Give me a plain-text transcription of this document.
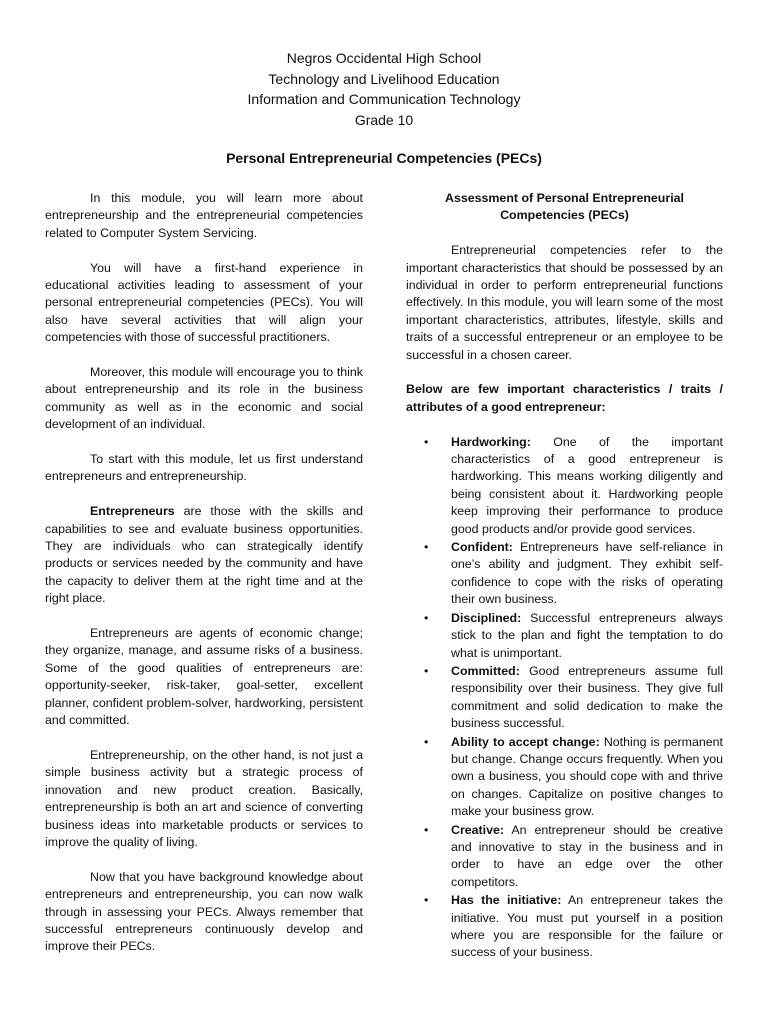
Negros Occidental High School
Technology and Livelihood Education
Information and Communication Technology
Grade 10
Personal Entrepreneurial Competencies (PECs)

In this module, you will learn more about entrepreneurship and the entrepreneurial competencies related to Computer System Servicing.

You will have a first-hand experience in educational activities leading to assessment of your personal entrepreneurial competencies (PECs). You will also have several activities that will align your competencies with those of successful practitioners.

Moreover, this module will encourage you to think about entrepreneurship and its role in the business community as well as in the economic and social development of an individual.

To start with this module, let us first understand entrepreneurs and entrepreneurship.

Entrepreneurs are those with the skills and capabilities to see and evaluate business opportunities. They are individuals who can strategically identify products or services needed by the community and have the capacity to deliver them at the right time and at the right place.

Entrepreneurs are agents of economic change; they organize, manage, and assume risks of a business. Some of the good qualities of entrepreneurs are: opportunity-seeker, risk-taker, goal-setter, excellent planner, confident problem-solver, hardworking, persistent and committed.

Entrepreneurship, on the other hand, is not just a simple business activity but a strategic process of innovation and new product creation. Basically, entrepreneurship is both an art and science of converting business ideas into marketable products or services to improve the quality of living.

Now that you have background knowledge about entrepreneurs and entrepreneurship, you can now walk through in assessing your PECs. Always remember that successful entrepreneurs continuously develop and improve their PECs.

Assessment of Personal Entrepreneurial Competencies (PECs)

Entrepreneurial competencies refer to the important characteristics that should be possessed by an individual in order to perform entrepreneurial functions effectively. In this module, you will learn some of the most important characteristics, attributes, lifestyle, skills and traits of a successful entrepreneur or an employee to be successful in a chosen career.

Below are few important characteristics / traits / attributes of a good entrepreneur:

• Hardworking: One of the important characteristics of a good entrepreneur is hardworking. This means working diligently and being consistent about it. Hardworking people keep improving their performance to produce good products and/or provide good services.
• Confident: Entrepreneurs have self-reliance in one’s ability and judgment. They exhibit self-confidence to cope with the risks of operating their own business.
• Disciplined: Successful entrepreneurs always stick to the plan and fight the temptation to do what is unimportant.
• Committed: Good entrepreneurs assume full responsibility over their business. They give full commitment and solid dedication to make the business successful.
• Ability to accept change: Nothing is permanent but change. Change occurs frequently. When you own a business, you should cope with and thrive on changes. Capitalize on positive changes to make your business grow.
• Creative: An entrepreneur should be creative and innovative to stay in the business and in order to have an edge over the other competitors.
• Has the initiative: An entrepreneur takes the initiative. You must put yourself in a position where you are responsible for the failure or success of your business.
